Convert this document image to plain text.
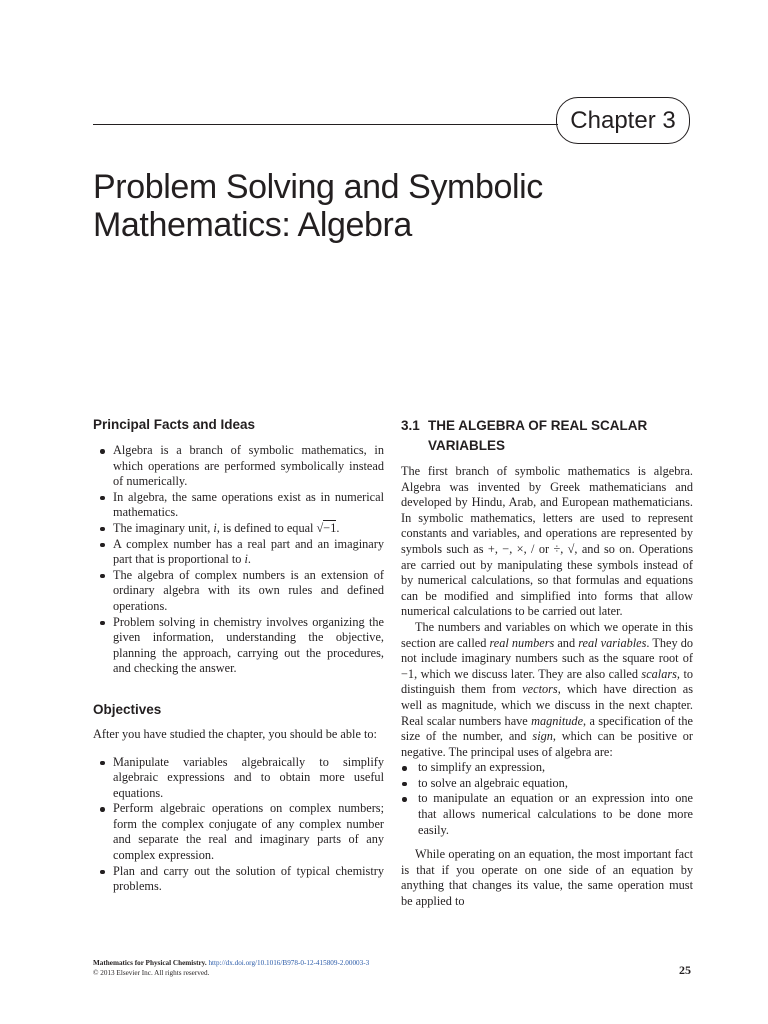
Chapter 3
Problem Solving and Symbolic
Mathematics: Algebra
Principal Facts and Ideas
Algebra is a branch of symbolic mathematics, in which operations are performed symbolically instead of numerically.
In algebra, the same operations exist as in numerical mathematics.
The imaginary unit, i, is defined to equal √−1.
A complex number has a real part and an imaginary part that is proportional to i.
The algebra of complex numbers is an extension of ordinary algebra with its own rules and defined operations.
Problem solving in chemistry involves organizing the given information, understanding the objective, planning the approach, carrying out the procedures, and checking the answer.
Objectives

After you have studied the chapter, you should be able to:

Manipulate variables algebraically to simplify algebraic expressions and to obtain more useful equations.
Perform algebraic operations on complex numbers; form the complex conjugate of any complex number and separate the real and imaginary parts of any complex expression.
Plan and carry out the solution of typical chemistry problems.
3.1 THE ALGEBRA OF REAL SCALAR VARIABLES

The first branch of symbolic mathematics is algebra. Algebra was invented by Greek mathematicians and developed by Hindu, Arab, and European mathematicians. In symbolic mathematics, letters are used to represent constants and variables, and operations are represented by symbols such as +, −, ×, / or ÷, √, and so on. Operations are carried out by manipulating these symbols instead of by numerical calculations, so that formulas and equations can be modified and simplified into forms that allow numerical calculations to be carried out later.

The numbers and variables on which we operate in this section are called real numbers and real variables. They do not include imaginary numbers such as the square root of −1, which we discuss later. They are also called scalars, to distinguish them from vectors, which have direction as well as magnitude, which we discuss in the next chapter. Real scalar numbers have magnitude, a specification of the size of the number, and sign, which can be positive or negative. The principal uses of algebra are:

to simplify an expression,
to solve an algebraic equation,
to manipulate an equation or an expression into one that allows numerical calculations to be done more easily.

While operating on an equation, the most important fact is that if you operate on one side of an equation by anything that changes its value, the same operation must be applied to

Mathematics for Physical Chemistry. http://dx.doi.org/10.1016/B978-0-12-415809-2.00003-3
© 2013 Elsevier Inc. All rights reserved.	25
